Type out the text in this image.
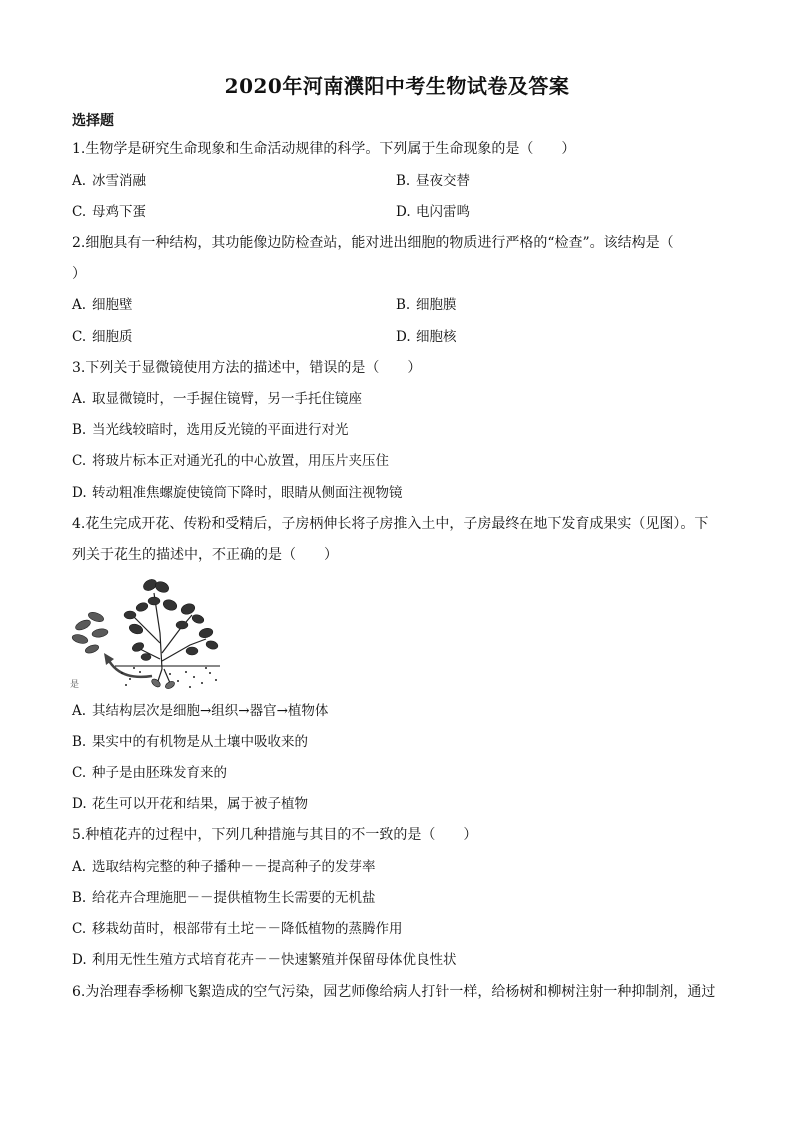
2020年河南濮阳中考生物试卷及答案
选择题
1.生物学是研究生命现象和生命活动规律的科学。下列属于生命现象的是（　　）
A. 冰雪消融	B. 昼夜交替
C. 母鸡下蛋	D. 电闪雷鸣
2.细胞具有一种结构，其功能像边防检查站，能对进出细胞的物质进行严格的“检查”。该结构是（
）
A. 细胞壁	B. 细胞膜
C. 细胞质	D. 细胞核
3.下列关于显微镜使用方法的描述中，错误的是（　　）
A. 取显微镜时，一手握住镜臂，另一手托住镜座
B. 当光线较暗时，选用反光镜的平面进行对光
C. 将玻片标本正对通光孔的中心放置，用压片夹压住
D. 转动粗准焦螺旋使镜筒下降时，眼睛从侧面注视物镜
4.花生完成开花、传粉和受精后，子房柄伸长将子房推入土中，子房最终在地下发育成果实（见图）。下
列关于花生的描述中，不正确的是（　　）
是
A. 其结构层次是细胞→组织→器官→植物体
B. 果实中的有机物是从土壤中吸收来的
C. 种子是由胚珠发育来的
D. 花生可以开花和结果，属于被子植物
5.种植花卉的过程中，下列几种措施与其目的不一致的是（　　）
A. 选取结构完整的种子播种－－提高种子的发芽率
B. 给花卉合理施肥－－提供植物生长需要的无机盐
C. 移栽幼苗时，根部带有土坨－－降低植物的蒸腾作用
D. 利用无性生殖方式培育花卉－－快速繁殖并保留母体优良性状
6.为治理春季杨柳飞絮造成的空气污染，园艺师像给病人打针一样，给杨树和柳树注射一种抑制剂，通过
